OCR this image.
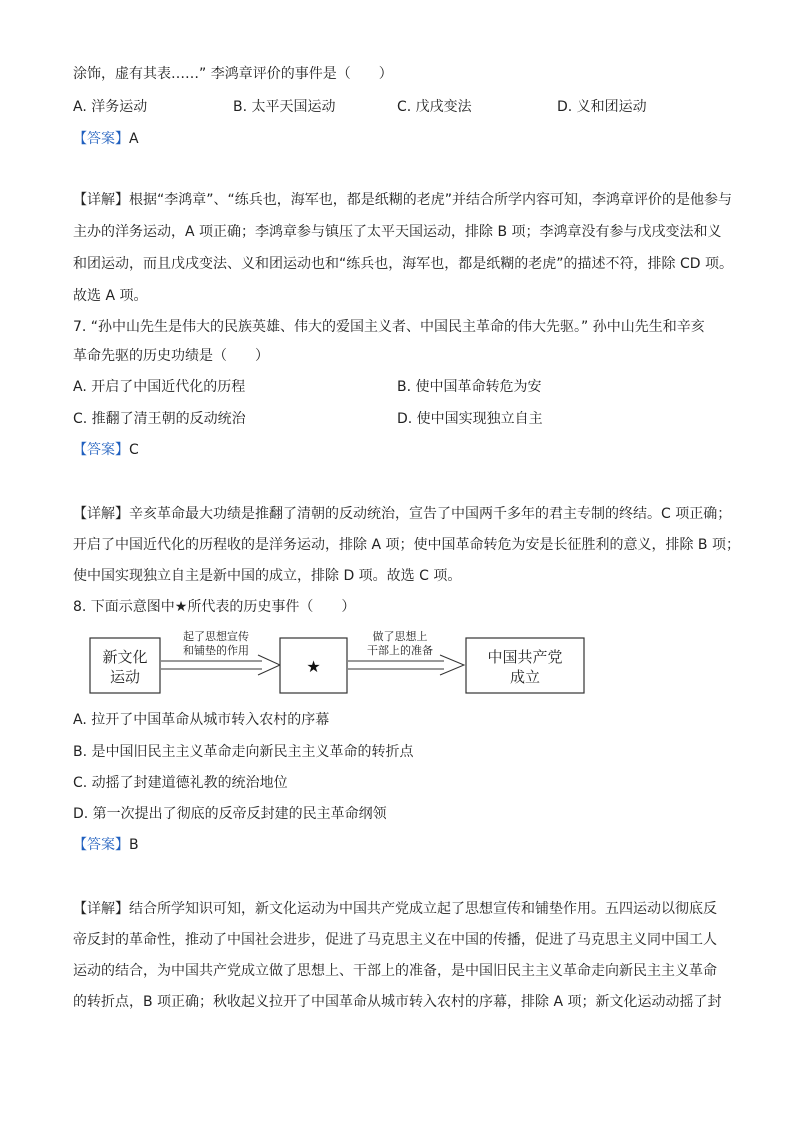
涂饰，虚有其表……” 李鸿章评价的事件是（　　）
A. 洋务运动	B. 太平天国运动	C. 戊戌变法	D. 义和团运动
【答案】A
【详解】根据“李鸿章”、“练兵也，海军也，都是纸糊的老虎”并结合所学内容可知，李鸿章评价的是他参与
主办的洋务运动，A 项正确；李鸿章参与镇压了太平天国运动，排除 B 项；李鸿章没有参与戊戌变法和义
和团运动，而且戊戌变法、义和团运动也和“练兵也，海军也，都是纸糊的老虎”的描述不符，排除 CD 项。
故选 A 项。
7. “孙中山先生是伟大的民族英雄、伟大的爱国主义者、中国民主革命的伟大先驱。” 孙中山先生和辛亥
革命先驱的历史功绩是（　　）
A. 开启了中国近代化的历程	B. 使中国革命转危为安
C. 推翻了清王朝的反动统治	D. 使中国实现独立自主
【答案】C
【详解】辛亥革命最大功绩是推翻了清朝的反动统治，宣告了中国两千多年的君主专制的终结。C 项正确；
开启了中国近代化的历程收的是洋务运动，排除 A 项；使中国革命转危为安是长征胜利的意义，排除 B 项；
使中国实现独立自主是新中国的成立，排除 D 项。故选 C 项。
8. 下面示意图中★所代表的历史事件（　　）
新文化
运动
起了思想宣传
和铺垫的作用
★
做了思想上
干部上的准备	中国共产党
成立
A. 拉开了中国革命从城市转入农村的序幕
B. 是中国旧民主主义革命走向新民主主义革命的转折点
C. 动摇了封建道德礼教的统治地位
D. 第一次提出了彻底的反帝反封建的民主革命纲领
【答案】B
【详解】结合所学知识可知，新文化运动为中国共产党成立起了思想宣传和铺垫作用。五四运动以彻底反
帝反封的革命性，推动了中国社会进步，促进了马克思主义在中国的传播，促进了马克思主义同中国工人
运动的结合，为中国共产党成立做了思想上、干部上的准备，是中国旧民主主义革命走向新民主主义革命
的转折点，B 项正确；秋收起义拉开了中国革命从城市转入农村的序幕，排除 A 项；新文化运动动摇了封
